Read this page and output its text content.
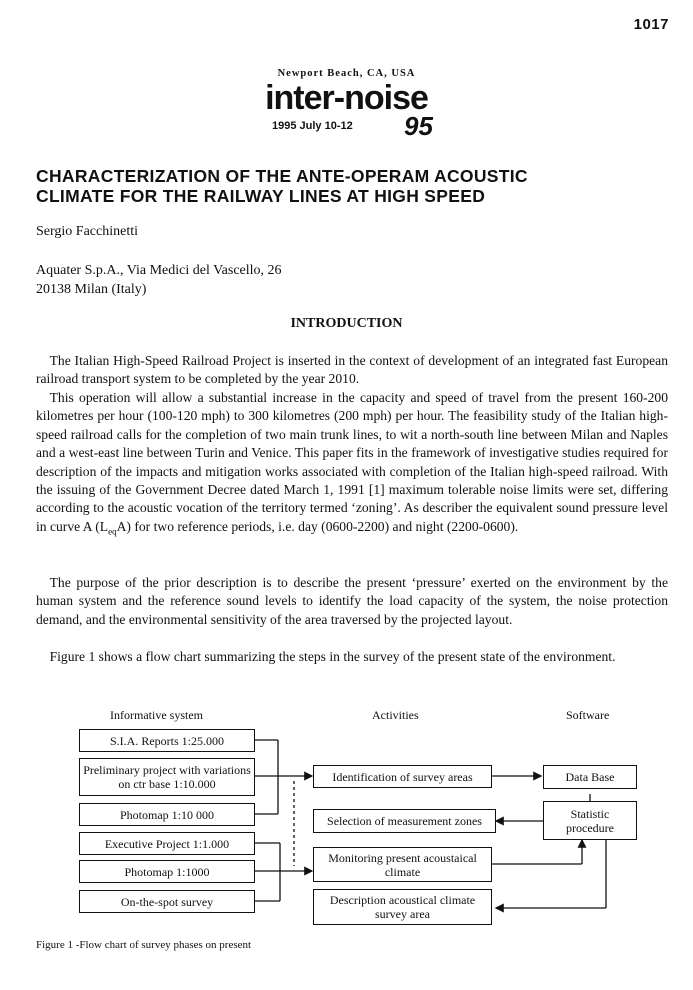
1017
Newport Beach, CA, USA
inter-noise
1995 July 10-12 95
CHARACTERIZATION OF THE ANTE-OPERAM ACOUSTIC
CLIMATE FOR THE RAILWAY LINES AT HIGH SPEED
Sergio Facchinetti
Aquater S.p.A., Via Medici del Vascello, 26
20138 Milan (Italy)
INTRODUCTION

 The Italian High-Speed Railroad Project is inserted in the context of development of an integrated fast European railroad transport system to be completed by the year 2010.

 This operation will allow a substantial increase in the capacity and speed of travel from the present 160-200 kilometres per hour (100-120 mph) to 300 kilometres (200 mph) per hour. The feasibility study of the Italian high-speed railroad calls for the completion of two main trunk lines, to wit a north-south line between Milan and Naples and a west-east line between Turin and Venice. This paper fits in the framework of investigative studies required for description of the impacts and mitigation works associated with completion of the Italian high-speed railroad. With the issuing of the Government Decree dated March 1, 1991 [1] maximum tolerable noise limits were set, differing according to the acoustic vocation of the territory termed ‘zoning’. As describer the equivalent sound pressure level in curve A $(L_{eq}A)$ for two reference periods, i.e. day (0600-2200) and night (2200-0600).

 The purpose of the prior description is to describe the present ‘pressure’ exerted on the environment by the human system and the reference sound levels to identify the load capacity of the system, the noise protection demand, and the environmental sensitivity of the area traversed by the projected layout.

 Figure 1 shows a flow chart summarizing the steps in the survey of the present state of the environment.

Informative system	Activities	Software
S.I.A. Reports 1:25.000
Preliminary project with variations on ctr base 1:10.000
Photomap 1:10 000
Executive Project 1:1.000
Photomap 1:1000
On-the-spot survey
Identification of survey areas
Selection of measurement zones
Monitoring present acoustaical climate
Description acoustical climate survey area
Data Base
Statistic procedure
Figure 1 -Flow chart of survey phases on present
